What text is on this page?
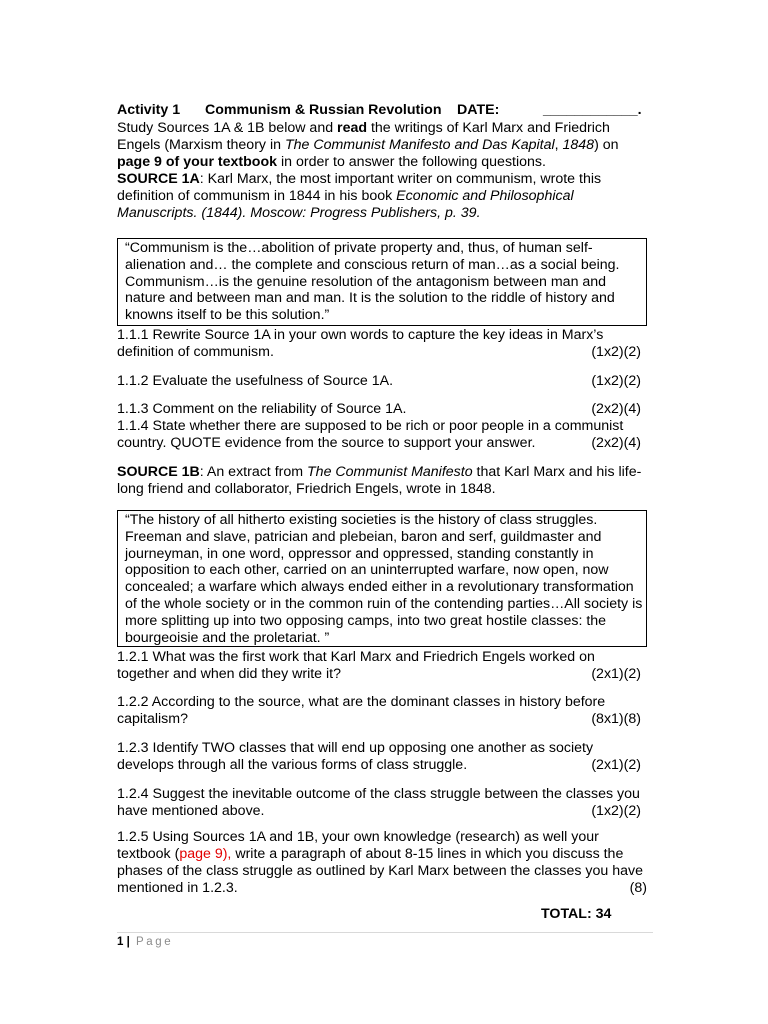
Activity 1 Communism & Russian Revolution DATE:	____________.
Study Sources 1A & 1B below and read the writings of Karl Marx and Friedrich
Engels (Marxism theory in The Communist Manifesto and Das Kapital, 1848) on
page 9 of your textbook in order to answer the following questions.
SOURCE 1A: Karl Marx, the most important writer on communism, wrote this
definition of communism in 1844 in his book Economic and Philosophical
Manuscripts. (1844). Moscow: Progress Publishers, p. 39.
“Communism is the…abolition of private property and, thus, of human self-
alienation and… the complete and conscious return of man…as a social being.
Communism…is the genuine resolution of the antagonism between man and
nature and between man and man. It is the solution to the riddle of history and
knowns itself to be this solution.”
1.1.1 Rewrite Source 1A in your own words to capture the key ideas in Marx’s
definition of communism.	(1x2)(2)
1.1.2 Evaluate the usefulness of Source 1A.	(1x2)(2)
1.1.3 Comment on the reliability of Source 1A.	(2x2)(4)
1.1.4 State whether there are supposed to be rich or poor people in a communist
country. QUOTE evidence from the source to support your answer.	(2x2)(4)
SOURCE 1B: An extract from The Communist Manifesto that Karl Marx and his life-
long friend and collaborator, Friedrich Engels, wrote in 1848.
“The history of all hitherto existing societies is the history of class struggles.
Freeman and slave, patrician and plebeian, baron and serf, guildmaster and
journeyman, in one word, oppressor and oppressed, standing constantly in
opposition to each other, carried on an uninterrupted warfare, now open, now
concealed; a warfare which always ended either in a revolutionary transformation
of the whole society or in the common ruin of the contending parties…All society is
more splitting up into two opposing camps, into two great hostile classes: the
bourgeoisie and the proletariat. ”
1.2.1 What was the first work that Karl Marx and Friedrich Engels worked on
together and when did they write it?	(2x1)(2)
1.2.2 According to the source, what are the dominant classes in history before
capitalism?	(8x1)(8)
1.2.3 Identify TWO classes that will end up opposing one another as society
develops through all the various forms of class struggle.	(2x1)(2)
1.2.4 Suggest the inevitable outcome of the class struggle between the classes you
have mentioned above.	(1x2)(2)
1.2.5 Using Sources 1A and 1B, your own knowledge (research) as well your
textbook (page 9), write a paragraph of about 8-15 lines in which you discuss the
phases of the class struggle as outlined by Karl Marx between the classes you have
mentioned in 1.2.3.	(8)
TOTAL: 34
1 | Page
